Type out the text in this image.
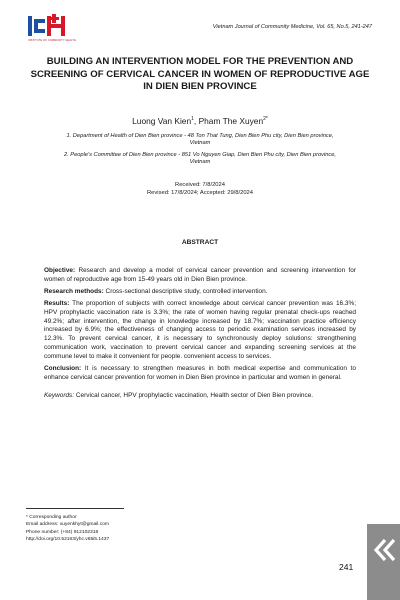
INSTITUTE OF COMMUNITY HEALTH
Vietnam Journal of Community Medicine, Vol. 65, No.5, 241-247
BUILDING AN INTERVENTION MODEL FOR THE PREVENTION AND SCREENING OF CERVICAL CANCER IN WOMEN OF REPRODUCTIVE AGE IN DIEN BIEN PROVINCE
Luong Van Kien$^1$, Pham The Xuyen$^{2*}$
1. Department of Health of Dien Bien province - 48 Ton That Tung, Dien Bien Phu city, Dien Bien province, Vietnam
2. People's Committee of Dien Bien province - 851 Vo Nguyen Giap, Dien Bien Phu city, Dien Bien province, Vietnam
Received: 7/8/2024
Revised: 17/8/2024; Accepted: 29/8/2024
ABSTRACT

Objective: Research and develop a model of cervical cancer prevention and screening intervention for women of reproductive age from 15-49 years old in Dien Bien province.

Research methods: Cross-sectional descriptive study, controlled intervention.

Results: The proportion of subjects with correct knowledge about cervical cancer prevention was 16.3%; HPV prophylactic vaccination rate is 3.3%; the rate of women having regular prenatal check-ups reached 49.2%; after intervention, the change in knowledge increased by 18.7%; vaccination practice efficiency increased by 6.9%; the effectiveness of changing access to periodic examination services increased by 12.3%. To prevent cervical cancer, it is necessary to synchronously deploy solutions: strengthening communication work, vaccination to prevent cervical cancer and expanding screening services at the commune level to make it convenient for people. convenient access to services.

Conclusion: It is necessary to strengthen measures in both medical expertise and communication to enhance cervical cancer prevention for women in Dien Bien province in particular and women in general.

Keywords: Cervical cancer, HPV prophylactic vaccination, Health sector of Dien Bien province.

* Corresponding author
Email address: xuyenkhyt@gmail.com
Phone number: (+84) 912102318
http://doi.org/10.52163/yhc.v65i5.1437
241
